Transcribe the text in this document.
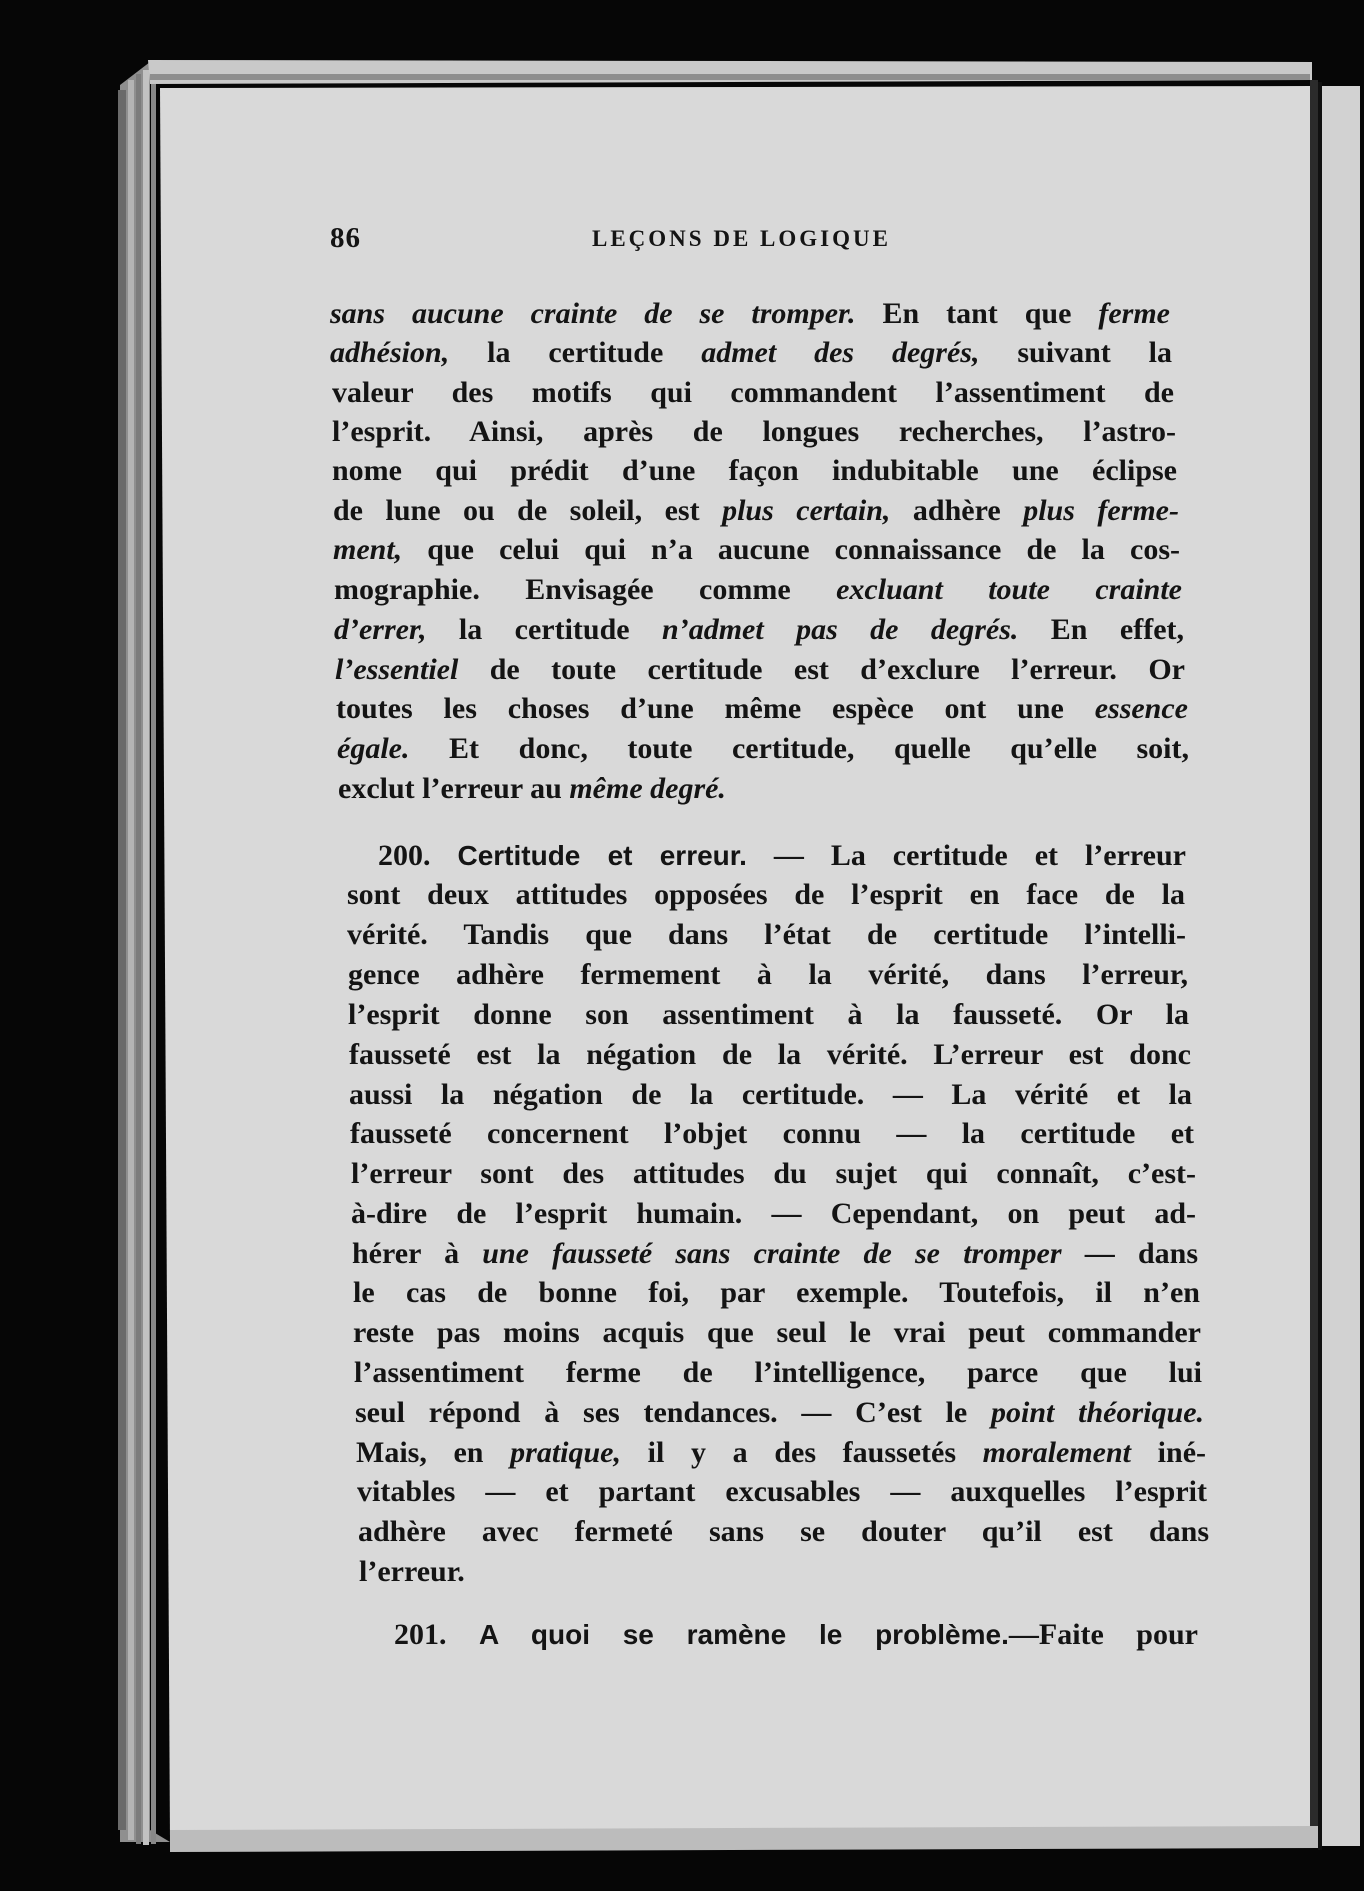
86	LEÇONS DE LOGIQUE
sans aucune crainte de se tromper. En tant que ferme
adhésion, la certitude admet des degrés, suivant la
valeur des motifs qui commandent l’assentiment de
l’esprit. Ainsi, après de longues recherches, l’astro-
nome qui prédit d’une façon indubitable une éclipse
de lune ou de soleil, est plus certain, adhère plus ferme-
ment, que celui qui n’a aucune connaissance de la cos-
mographie. Envisagée comme excluant toute crainte
d’errer, la certitude n’admet pas de degrés. En effet,
l’essentiel de toute certitude est d’exclure l’erreur. Or
toutes les choses d’une même espèce ont une essence
égale. Et donc, toute certitude, quelle qu’elle soit,
exclut l’erreur au même degré.
200. Certitude et erreur. — La certitude et l’erreur
sont deux attitudes opposées de l’esprit en face de la
vérité. Tandis que dans l’état de certitude l’intelli-
gence adhère fermement à la vérité, dans l’erreur,
l’esprit donne son assentiment à la fausseté. Or la
fausseté est la négation de la vérité. L’erreur est donc
aussi la négation de la certitude. — La vérité et la
fausseté concernent l’objet connu — la certitude et
l’erreur sont des attitudes du sujet qui connaît, c’est-
à-dire de l’esprit humain. — Cependant, on peut ad-
hérer à une fausseté sans crainte de se tromper — dans
le cas de bonne foi, par exemple. Toutefois, il n’en
reste pas moins acquis que seul le vrai peut commander
l’assentiment ferme de l’intelligence, parce que lui
seul répond à ses tendances. — C’est le point théorique.
Mais, en pratique, il y a des faussetés moralement iné-
vitables — et partant excusables — auxquelles l’esprit
adhère avec fermeté sans se douter qu’il est dans
l’erreur.
201. A quoi se ramène le problème.—Faite pour
